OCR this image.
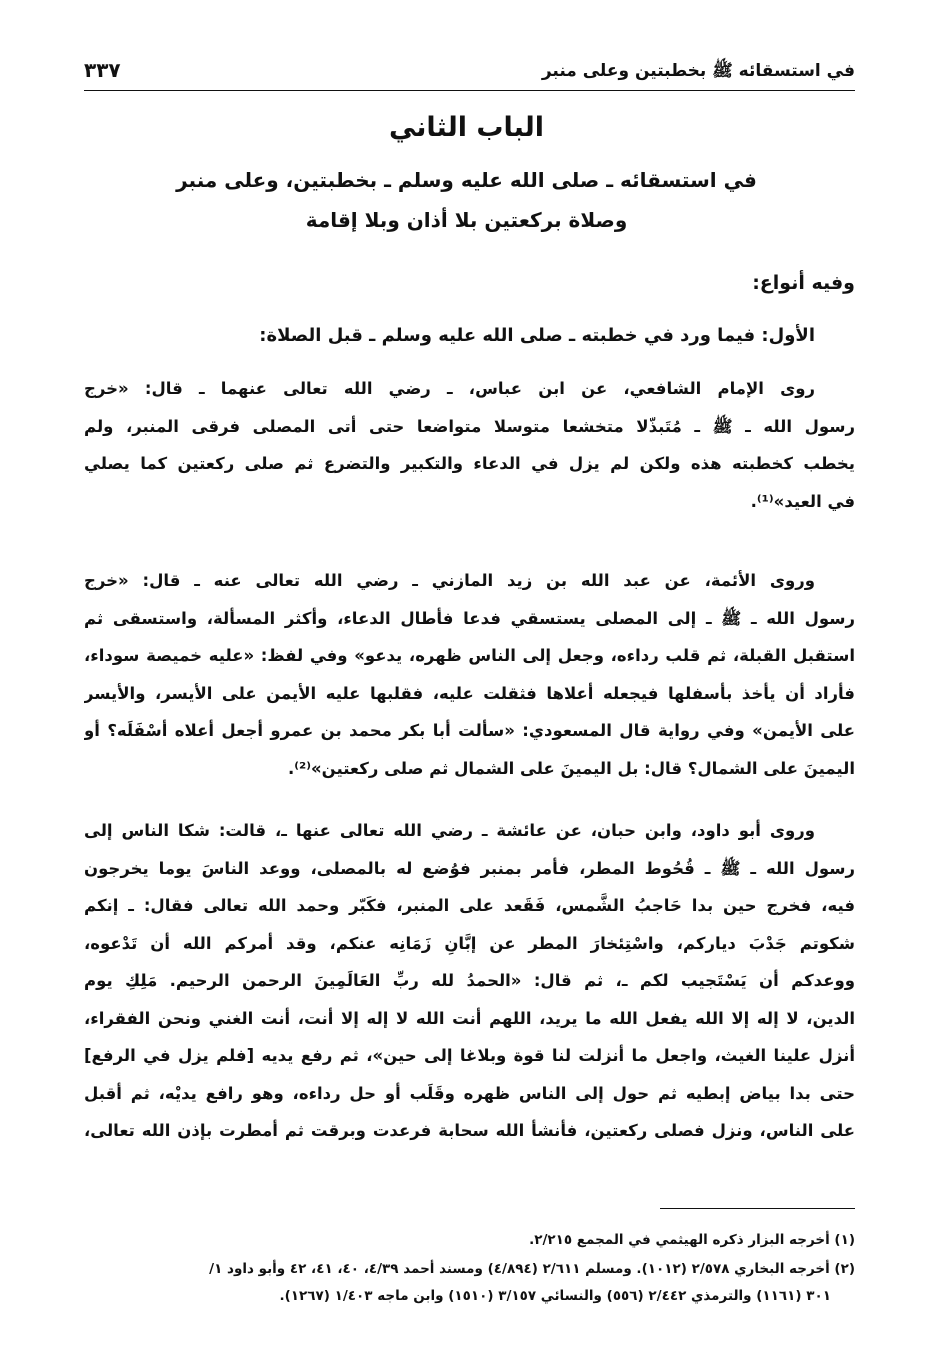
في استسقائه ﷺ بخطبتين وعلى منبر
٣٣٧
الباب الثاني
في استسقائه ـ صلى الله عليه وسلم ـ بخطبتين، وعلى منبر
وصلاة بركعتين بلا أذان وبلا إقامة
وفيه أنواع:
الأول: فيما ورد في خطبته ـ صلى الله عليه وسلم ـ قبل الصلاة:
روى الإمام الشافعي، عن ابن عباس، ـ رضي الله تعالى عنهما ـ قال: «خرج
رسول الله ـ ﷺ ـ مُتَبذّلا متخشعا متوسلا متواضعا حتى أتى المصلى فرقى المنبر، ولم
يخطب كخطبته هذه ولكن لم يزل في الدعاء والتكبير والتضرع ثم صلى ركعتين كما يصلي
في العيد»⁽¹⁾.
وروى الأئمة، عن عبد الله بن زيد المازني ـ رضي الله تعالى عنه ـ قال: «خرج
رسول الله ـ ﷺ ـ إلى المصلى يستسقي فدعا فأطال الدعاء، وأكثر المسألة، واستسقى ثم
استقبل القبلة، ثم قلب رداءه، وجعل إلى الناس ظهره، يدعو» وفي لفظ: «عليه خميصة سوداء،
فأراد أن يأخذ بأسفلها فيجعله أعلاها فثقلت عليه، فقلبها عليه الأيمن على الأيسر، والأيسر
على الأيمن» وفي رواية قال المسعودي: «سألت أبا بكر محمد بن عمرو أجعل أعلاه أسْفَلَه؟ أو
اليمينَ على الشمال؟ قال: بل اليمينَ على الشمال ثم صلى ركعتين»⁽²⁾.
وروى أبو داود، وابن حبان، عن عائشة ـ رضي الله تعالى عنها ـ، قالت: شكا الناس إلى
رسول الله ـ ﷺ ـ قُحُوط المطر، فأمر بمنبر فوُضع له بالمصلى، ووعد الناسَ يوما يخرجون
فيه، فخرج حين بدا حَاجبُ الشَّمس، فَقَعد على المنبر، فكَبّر وحمد الله تعالى فقال: ـ إنكم
شكوتم جَدْبَ دياركم، واسْتِئخارَ المطر عن إبَّانِ زَمَانِه عنكم، وقد أمركم الله أن تَدْعوه،
ووعدكم أن يَسْتَجيب لكم ـ، ثم قال: «الحمدُ لله ربِّ العَالَمِينَ الرحمن الرحيم. مَلِكِ يوم
الدين، لا إله إلا الله يفعل الله ما يريد، اللهم أنت الله لا إله إلا أنت، أنت الغني ونحن الفقراء،
أنزل علينا الغيث، واجعل ما أنزلت لنا قوة وبلاغا إلى حين»، ثم رفع يديه [فلم يزل في الرفع]
حتى بدا بياض إبطيه ثم حول إلى الناس ظهره وقَلَب أو حل رداءه، وهو رافع يديْه، ثم أقبل
على الناس، ونزل فصلى ركعتين، فأنشأ الله سحابة فرعدت وبرقت ثم أمطرت بإذن الله تعالى،
(١) أخرجه البزار ذكره الهيثمي في المجمع ٢/٢١٥.
(٢) أخرجه البخاري ٢/٥٧٨ (١٠١٢). ومسلم ٢/٦١١ (٤/٨٩٤) ومسند أحمد ٤/٣٩، ٤٠، ٤١، ٤٢ وأبو داود ١/
٣٠١ (١١٦١) والترمذي ٢/٤٤٢ (٥٥٦) والنسائي ٣/١٥٧ (١٥١٠) وابن ماجه ١/٤٠٣ (١٢٦٧).
